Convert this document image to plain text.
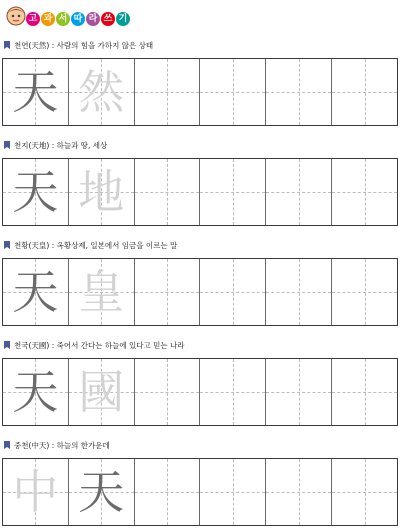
고 과 서 따 라 쓰 기
천연(天然) : 사람의 힘을 가하지 않은 상태
天 然
천지(天地) : 하늘과 땅, 세상
天 地
천황(天皇) : 옥황상제, 일본에서 임금을 이르는 말
天 皇
천국(天國) : 죽어서 간다는 하늘에 있다고 믿는 나라
天 國
중천(中天) : 하늘의 한가운데
中 天
